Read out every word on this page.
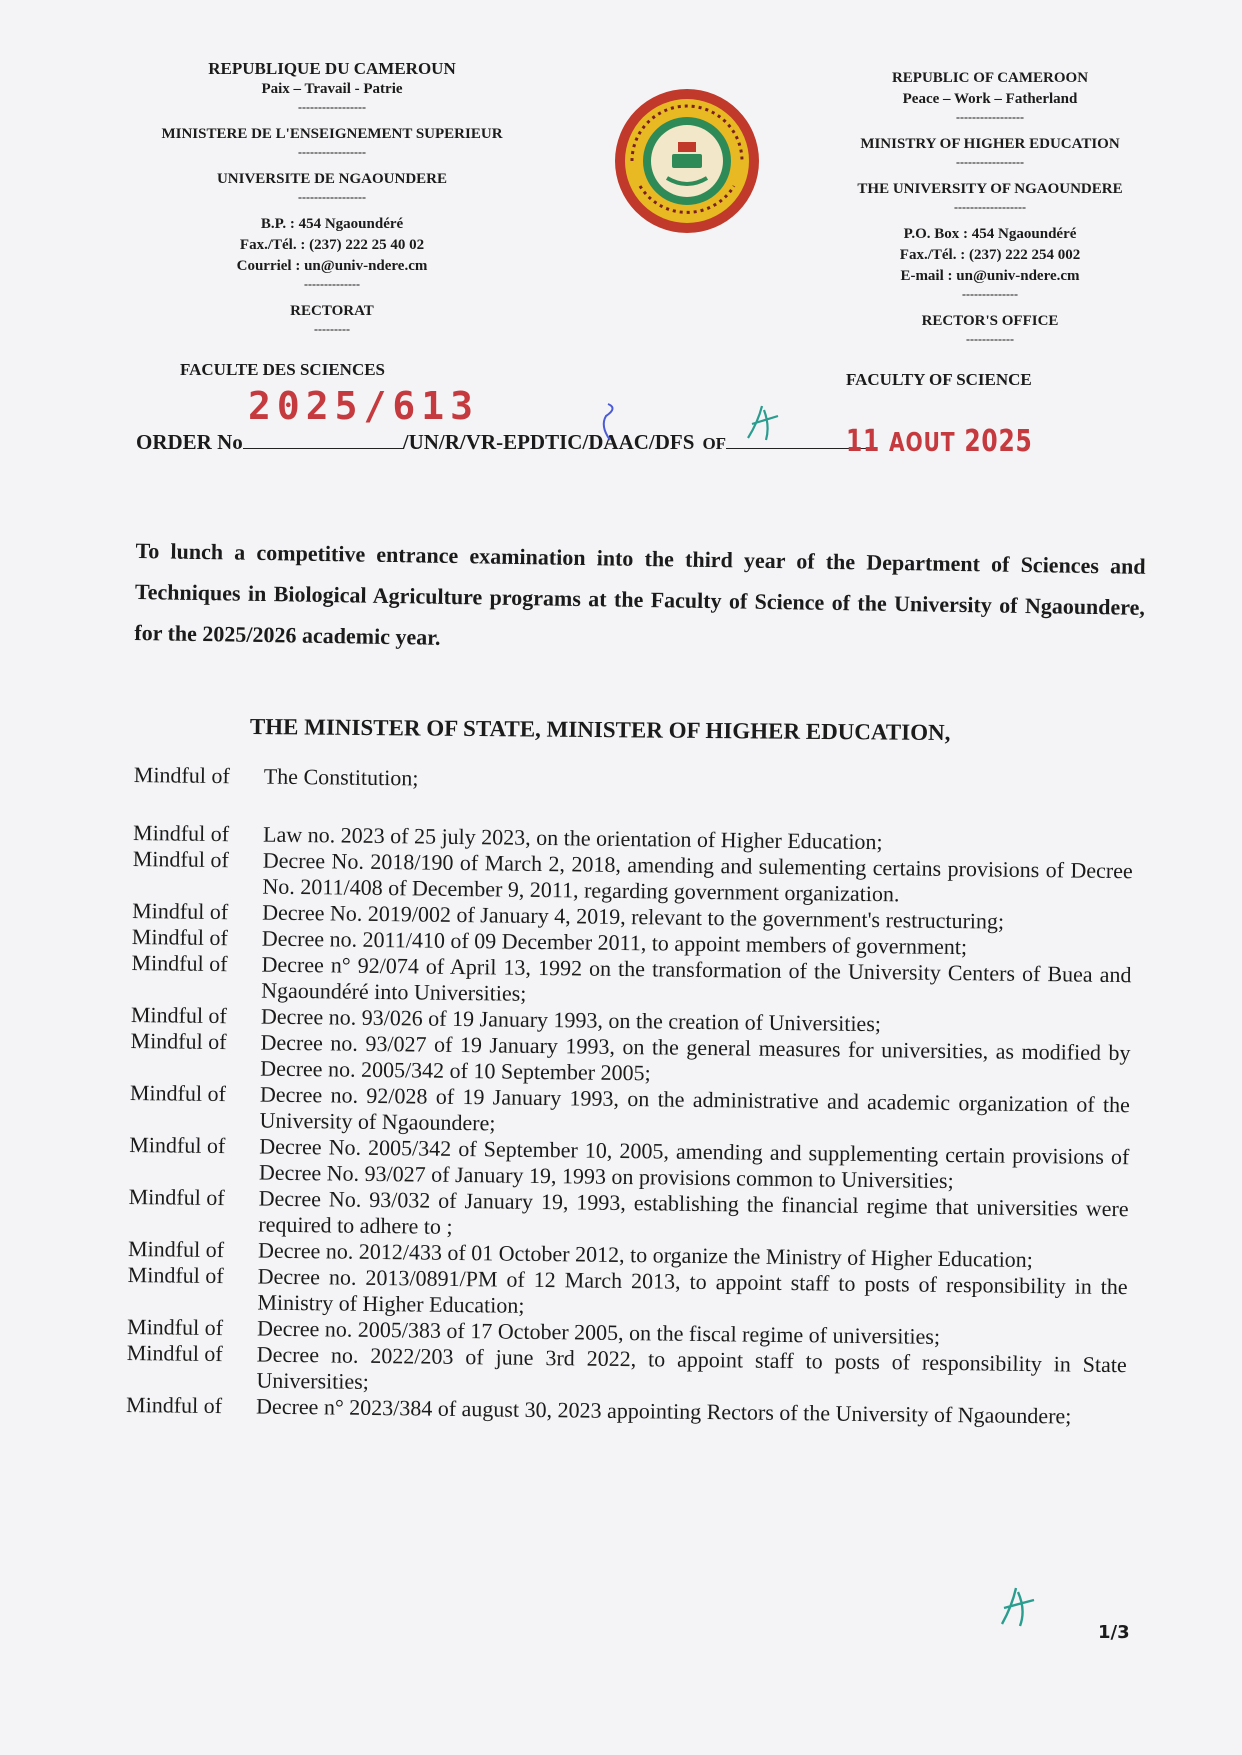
REPUBLIQUE DU CAMEROUN
Paix – Travail - Patrie
-----------------
MINISTERE DE L'ENSEIGNEMENT SUPERIEUR
-----------------
UNIVERSITE DE NGAOUNDERE
-----------------
B.P. : 454 Ngaoundéré
Fax./Tél. : (237) 222 25 40 02
Courriel : un@univ-ndere.cm
--------------
RECTORAT
---------
FACULTE DES SCIENCES
REPUBLIC OF CAMEROON
Peace – Work – Fatherland
-----------------
MINISTRY OF HIGHER EDUCATION
-----------------
THE UNIVERSITY OF NGAOUNDERE
------------------
P.O. Box : 454 Ngaoundéré
Fax./Tél. : (237) 222 254 002
E-mail : un@univ-ndere.cm
--------------
RECTOR'S OFFICE
------------
FACULTY OF SCIENCE
2025/613
ORDER No	/UN/R/VR-EPDTIC/DAAC/DFS OF	11 AOUT 2025
To lunch a competitive entrance examination into the third year of the Department of Sciences and Techniques in Biological Agriculture programs at the Faculty of Science of the University of Ngaoundere, for the 2025/2026 academic year.
THE MINISTER OF STATE, MINISTER OF HIGHER EDUCATION,
Mindful of	The Constitution;
Mindful of	Law no. 2023 of 25 july 2023, on the orientation of Higher Education;
Mindful of	Decree No. 2018/190 of March 2, 2018, amending and sulementing certains provisions of Decree No. 2011/408 of December 9, 2011, regarding government organization.
Mindful of	Decree No. 2019/002 of January 4, 2019, relevant to the government's restructuring;
Mindful of	Decree no. 2011/410 of 09 December 2011, to appoint members of government;
Mindful of	Decree n° 92/074 of April 13, 1992 on the transformation of the University Centers of Buea and Ngaoundéré into Universities;
Mindful of	Decree no. 93/026 of 19 January 1993, on the creation of Universities;
Mindful of	Decree no. 93/027 of 19 January 1993, on the general measures for universities, as modified by Decree no. 2005/342 of 10 September 2005;
Mindful of	Decree no. 92/028 of 19 January 1993, on the administrative and academic organization of the University of Ngaoundere;
Mindful of	Decree No. 2005/342 of September 10, 2005, amending and supplementing certain provisions of Decree No. 93/027 of January 19, 1993 on provisions common to Universities;
Mindful of	Decree No. 93/032 of January 19, 1993, establishing the financial regime that universities were required to adhere to ;
Mindful of	Decree no. 2012/433 of 01 October 2012, to organize the Ministry of Higher Education;
Mindful of	Decree no. 2013/0891/PM of 12 March 2013, to appoint staff to posts of responsibility in the Ministry of Higher Education;
Mindful of	Decree no. 2005/383 of 17 October 2005, on the fiscal regime of universities;
Mindful of	Decree no. 2022/203 of june 3rd 2022, to appoint staff to posts of responsibility in State Universities;
Mindful of	Decree n° 2023/384 of august 30, 2023 appointing Rectors of the University of Ngaoundere;
1/3
